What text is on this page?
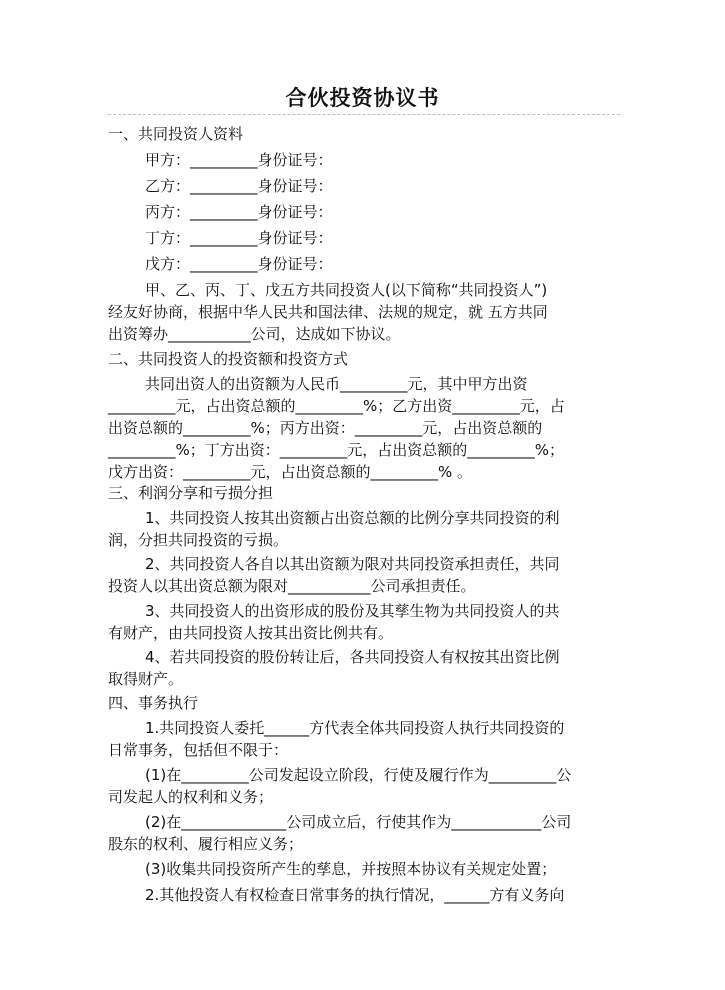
合伙投资协议书
一、共同投资人资料
甲方：_________身份证号：
乙方：_________身份证号：
丙方：_________身份证号：
丁方：_________身份证号：
戊方：_________身份证号：
甲、乙、丙、丁、戊五方共同投资人(以下简称“共同投资人”)
经友好协商，根据中华人民共和国法律、法规的规定，就 五方共同
出资筹办___________公司，达成如下协议。
二、共同投资人的投资额和投资方式
共同出资人的出资额为人民币_________元，其中甲方出资
_________元，占出资总额的_________%；乙方出资_________元，占
出资总额的_________%；丙方出资：_________元，占出资总额的
_________%；丁方出资：_________元，占出资总额的_________%；
戊方出资：_________元，占出资总额的_________% 。
三、利润分享和亏损分担
1、共同投资人按其出资额占出资总额的比例分享共同投资的利
润，分担共同投资的亏损。
2、共同投资人各自以其出资额为限对共同投资承担责任，共同
投资人以其出资总额为限对___________公司承担责任。
3、共同投资人的出资形成的股份及其孳生物为共同投资人的共
有财产，由共同投资人按其出资比例共有。
4、若共同投资的股份转让后，各共同投资人有权按其出资比例
取得财产。
四、事务执行
1.共同投资人委托______方代表全体共同投资人执行共同投资的
日常事务，包括但不限于：
(1)在_________公司发起设立阶段，行使及履行作为_________公
司发起人的权利和义务；
(2)在______________公司成立后，行使其作为____________公司
股东的权利、履行相应义务；
(3)收集共同投资所产生的孳息，并按照本协议有关规定处置；
2.其他投资人有权检查日常事务的执行情况，______方有义务向
